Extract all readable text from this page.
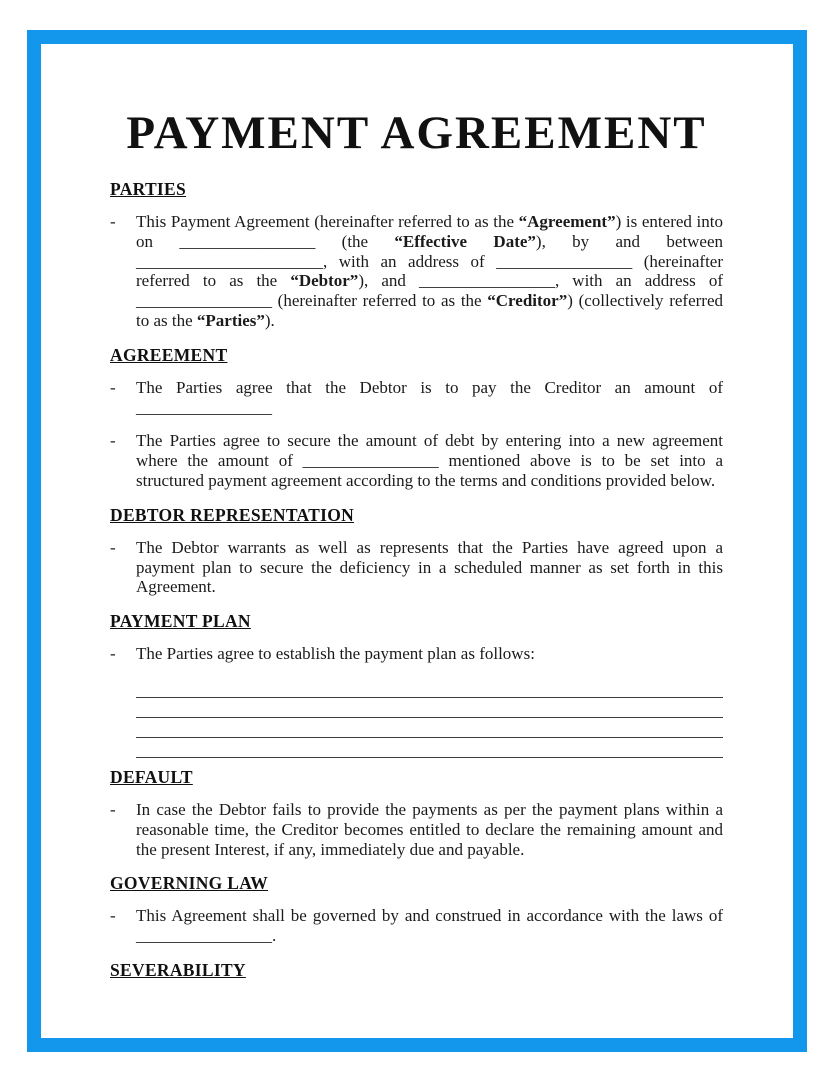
PAYMENT AGREEMENT
PARTIES
-	This Payment Agreement (hereinafter referred to as the “Agreement”) is entered into on ________________ (the “Effective Date”), by and between ______________________, with an address of ________________ (hereinafter referred to as the “Debtor”), and ________________, with an address of ________________ (hereinafter referred to as the “Creditor”) (collectively referred to as the “Parties”).

AGREEMENT
-	The Parties agree that the Debtor is to pay the Creditor an amount of ________________

-	The Parties agree to secure the amount of debt by entering into a new agreement where the amount of ________________ mentioned above is to be set into a structured payment agreement according to the terms and conditions provided below.

DEBTOR REPRESENTATION
-	The Debtor warrants as well as represents that the Parties have agreed upon a payment plan to secure the deficiency in a scheduled manner as set forth in this Agreement.

PAYMENT PLAN
-	The Parties agree to establish the payment plan as follows:

DEFAULT
-	In case the Debtor fails to provide the payments as per the payment plans within a reasonable time, the Creditor becomes entitled to declare the remaining amount and the present Interest, if any, immediately due and payable.

GOVERNING LAW
-	This Agreement shall be governed by and construed in accordance with the laws of ________________.

SEVERABILITY
